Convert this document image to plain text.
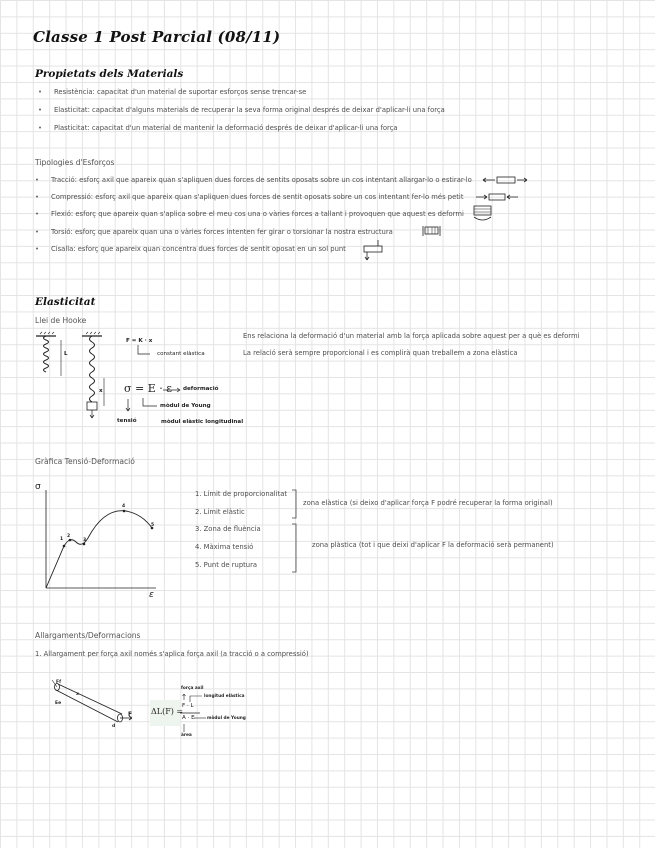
Classe 1 Post Parcial (08/11)
Propietats dels Materials
• Resistència: capacitat d'un material de suportar esforços sense trencar-se
• Elasticitat: capacitat d'alguns materials de recuperar la seva forma original després de deixar d'aplicar-li una força
• Plasticitat: capacitat d'un material de mantenir la deformació després de deixar d'aplicar-li una força
Tipologies d'Esforços
• Tracció: esforç axil que apareix quan s'apliquen dues forces de sentits oposats sobre un cos intentant allargar-lo o estirar-lo
• Compressió: esforç axil que apareix quan s'apliquen dues forces de sentit oposats sobre un cos intentant fer-lo més petit
• Flexió: esforç que apareix quan s'aplica sobre el meu cos una o vàries forces a tallant i provoquen que aquest es deformi
• Torsió: esforç que apareix quan una o vàries forces intenten fer girar o torsionar la nostra estructura
• Cisalla: esforç que apareix quan concentra dues forces de sentit oposat en un sol punt
Elasticitat
Llei de Hooke
L
x
F = K · x
constant elàstica
σ = E · ε deformació
mòdul de Young
tensió	mòdul elàstic longitudinal
Ens relaciona la deformació d'un material amb la força aplicada sobre aquest per a què es deformi
La relació serà sempre proporcional i es complirà quan treballem a zona elàstica
Gràfica Tensió-Deformació
σ
ε
1
2
3
4
5
1. Límit de proporcionalitat
2. Límit elàstic
3. Zona de fluència
4. Màxima tensió
5. Punt de ruptura
zona elàstica (si deixo d'aplicar força F podré recuperar la forma original)
zona plàstica (tot i que deixi d'aplicar F la deformació serà permanent)
Allargaments/Deformacions
1. Allargament per força axil només s'aplica força axil (a tracció o a compressió)
Ff
Ee
x
d
F ΔL(F) =
F · L
A · E
força axil
longitud elàstica
mòdul de Young
àrea
